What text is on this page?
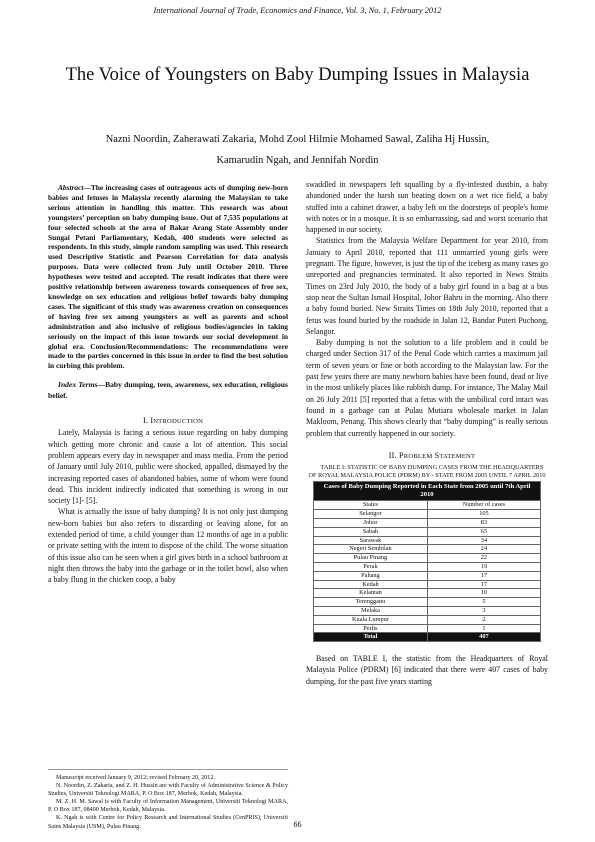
International Journal of Trade, Economics and Finance, Vol. 3, No. 1, February 2012
The Voice of Youngsters on Baby Dumping Issues in Malaysia
Nazni Noordin, Zaherawati Zakaria, Mohd Zool Hilmie Mohamed Sawal, Zaliha Hj Hussin,
Kamarudin Ngah, and Jennifah Nordin

Abstract—The increasing cases of outrageous acts of dumping new-born babies and fetuses in Malaysia recently alarming the Malaysian to take serious attention in handling this matter. This research was about youngsters’ perception on baby dumping issue. Out of 7,535 populations at four selected schools at the area of Bakar Arang State Assembly under Sungai Petani Parliamentary, Kedah, 400 students were selected as respondents. In this study, simple random sampling was used. This research used Descriptive Statistic and Pearson Correlation for data analysis purposes. Data were collected from July until October 2010. Three hypotheses were tested and accepted. The result indicates that there were positive relationship between awareness towards consequences of free sex, knowledge on sex education and religious belief towards baby dumping cases. The significant of this study was awareness creation on consequences of having free sex among youngsters as well as parents and school administration and also inclusive of religious bodies/agencies in taking seriously on the impact of this issue towards our social development in global era. Conclusion/Recommendations: The recommendations were made to the parties concerned in this issue in order to find the best solution in curbing this problem.

Index Terms—Baby dumping, teen, awareness, sex education, religious belief.

I. INTRODUCTION

Lately, Malaysia is facing a serious issue regarding on baby dumping which getting more chronic and cause a lot of attention. This social problem appears every day in newspaper and mass media. From the period of January until July 2010, public were shocked, appalled, dismayed by the increasing reported cases of abandoned babies, some of whom were found dead. This incident indirectly indicated that something is wrong in our society [1]- [5].

What is actually the issue of baby dumping? It is not only just dumping new-born babies but also refers to discarding or leaving alone, for an extended period of time, a child younger than 12 months of age in a public or private setting with the intent to dispose of the child. The worse situation of this issue also can be seen when a girl gives birth in a school bathroom at night then throws the baby into the garbage or in the toilet bowl, also when a baby flung in the chicken coop, a baby

Manuscript received January 9, 2012; revised February 20, 2012.

N. Noordin, Z. Zakaria, and Z. H. Hussin are with Faculty of Administrative Science & Policy Studies, Universiti Teknologi MARA, P. O Box 187, Merbok, Kedah, Malaysia.

M. Z. H. M. Sawal is with Faculty of Information Management, Universiti Teknologi MARA, P. O Box 187, 08400 Merbok, Kedah, Malaysia.

K. Ngah is with Centre for Policy Research and International Studies (CenPRIS), Universiti Sains Malaysia (USM), Pulau Pinang.

swaddled in newspapers left squalling by a fly-infested dustbin, a baby abandoned under the harsh sun beating down on a wet rice field, a baby stuffed into a cabinet drawer, a baby left on the doorsteps of people's home with notes or in a mosque. It is so embarrassing, sad and worst scenario that happened in our society.

Statistics from the Malaysia Welfare Department for year 2010, from January to April 2010, reported that 111 unmarried young girls were pregnant. The figure, however, is just the tip of the iceberg as many cases go unreported and pregnancies terminated. It also reported in News Straits Times on 23rd July 2010, the body of a baby girl found in a bag at a bus stop near the Sultan Ismail Hospital, Johor Bahru in the morning. Also there a baby found buried. New Straits Times on 18th July 2010, reported that a fetus was found buried by the roadside in Jalan 12, Bandar Puteri Puchong, Selangor.

Baby dumping is not the solution to a life problem and it could be charged under Section 317 of the Penal Code which carries a maximum jail term of seven years or fine or both according to the Malaysian law. For the past few years there are many newborn babies have been found, dead or live in the most unlikely places like rubbish dump. For instance, The Malay Mail on 26 July 2011 [5] reported that a fetus with the umbilical cord intact was found in a garbage can at Pulau Mutiara wholesale market in Jalan Makloom, Penang. This shows clearly that “baby dumping” is really serious problem that currently happened in our society.

II. PROBLEM STATEMENT

TABLE I: STATISTIC OF BABY DUMPING CASES FROM THE HEADQUARTERS OF ROYAL MALAYSIA POLICE (PDRM) BY - STATE FROM 2005 UNTIL 7 APRIL 2010

Cases of Baby Dumping Reported in Each State from 2005 until 7th April 2010	
States	Number of cases
Selangor	105
Johor	83
Sabah	65
Sarawak	34
Negeri Sembilan	24
Pulau Pinang	22
Perak	19
Pahang	17
Kedah	17
Kelantan	10
Terengganu	5
Melaka	3
Kuala Lumpur	2
Perlis	1
Total	407

Based on TABLE I, the statistic from the Headquarters of Royal Malaysia Police (PDRM) [6] indicated that there were 407 cases of baby dumping, for the past five years starting

66
